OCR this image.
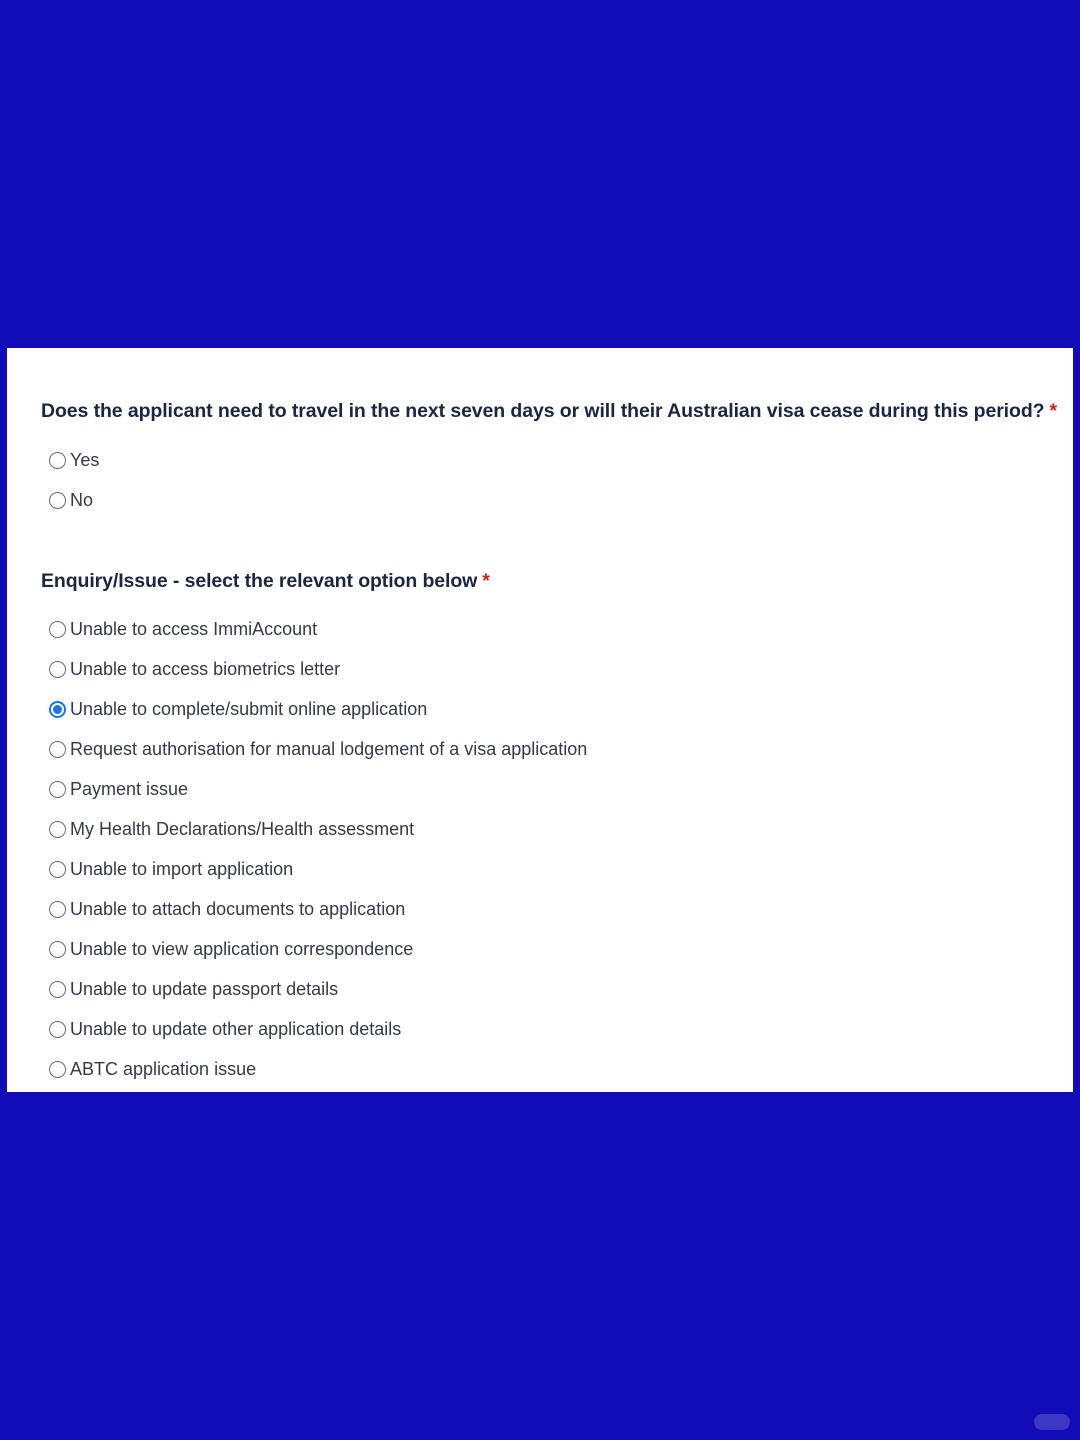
Does the applicant need to travel in the next seven days or will their Australian visa cease during this period? *

Yes
No

Enquiry/Issue - select the relevant option below *

Unable to access ImmiAccount
Unable to access biometrics letter
Unable to complete/submit online application
Request authorisation for manual lodgement of a visa application
Payment issue
My Health Declarations/Health assessment
Unable to import application
Unable to attach documents to application
Unable to view application correspondence
Unable to update passport details
Unable to update other application details
ABTC application issue
